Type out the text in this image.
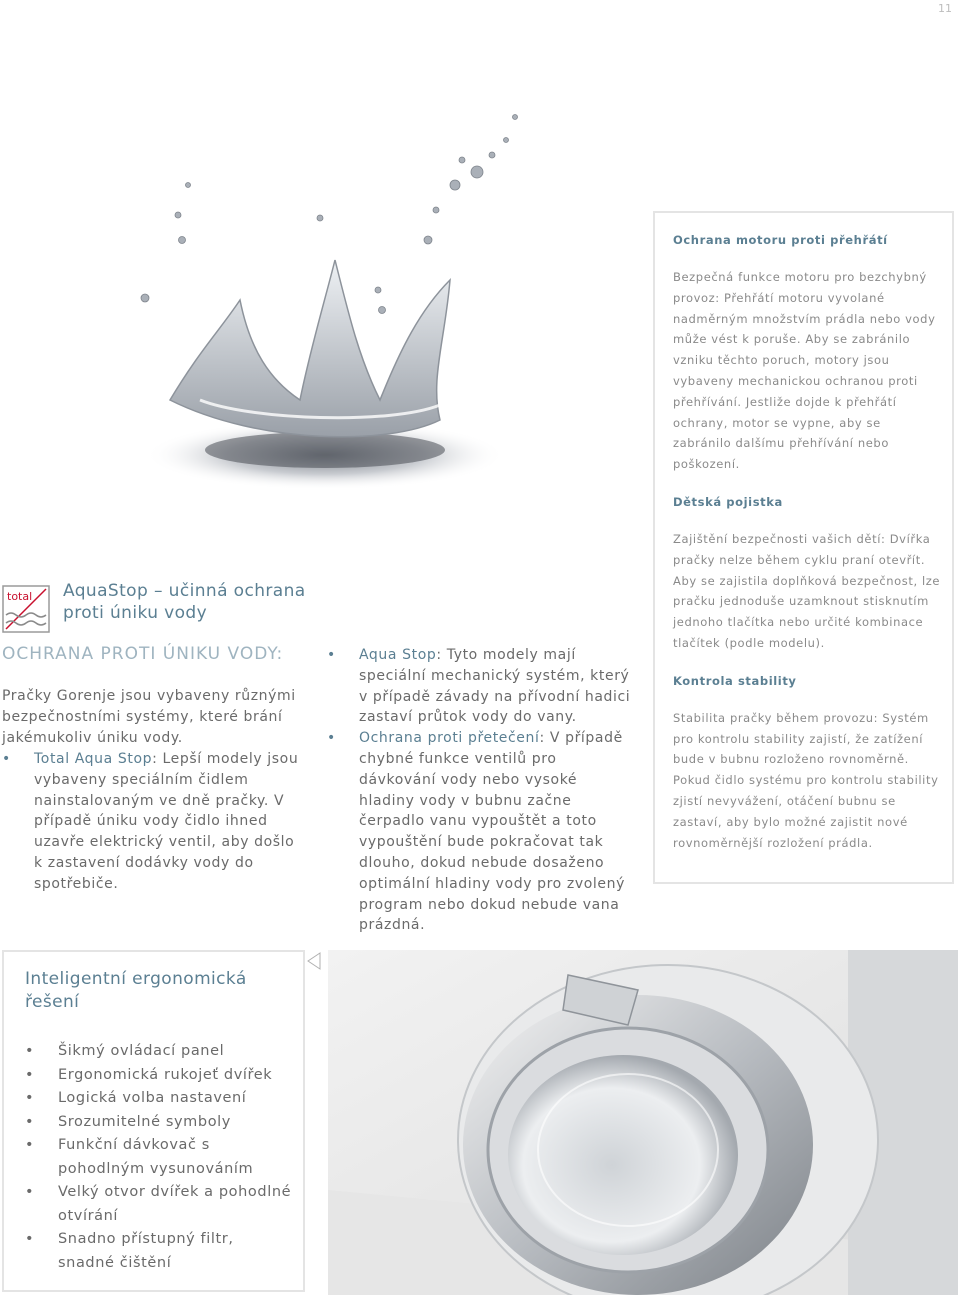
11

Ochrana motoru proti přehřátí

Bezpečná funkce motoru pro bezchybný provoz: Přehřátí motoru vyvolané nadměrným množstvím prádla nebo vody může vést k poruše. Aby se zabránilo vzniku těchto poruch, motory jsou vybaveny mechanickou ochranou proti přehřívání. Jestliže dojde k přehřátí ochrany, motor se vypne, aby se zabránilo dalšímu přehřívání nebo poškození.

Dětská pojistka

Zajištění bezpečnosti vašich dětí: Dvířka pračky nelze během cyklu praní otevřít. Aby se zajistila doplňková bezpečnost, lze pračku jednoduše uzamknout stisknutím jednoho tlačítka nebo určité kombinace tlačítek (podle modelu).

Kontrola stability

Stabilita pračky během provozu: Systém pro kontrolu stability zajistí, že zatížení bude v bubnu rozloženo rovnoměrně. Pokud čidlo systému pro kontrolu stability zjistí nevyvážení, otáčení bubnu se zastaví, aby bylo možné zajistit nové rovnoměrnější rozložení prádla.

total AquaStop – učinná ochrana proti úniku vody
OCHRANA PROTI ÚNIKU VODY:

Pračky Gorenje jsou vybaveny různými bezpečnostními systémy, které brání jakémukoliv úniku vody.

• Total Aqua Stop: Lepší modely jsou vybaveny speciálním čidlem nainstalovaným ve dně pračky. V případě úniku vody čidlo ihned uzavře elektrický ventil, aby došlo k zastavení dodávky vody do spotřebiče.
• Aqua Stop: Tyto modely mají speciální mechanický systém, který v případě závady na přívodní hadici zastaví průtok vody do vany.
• Ochrana proti přetečení: V případě chybné funkce ventilů pro dávkování vody nebo vysoké hladiny vody v bubnu začne čerpadlo vanu vypouštět a toto vypouštění bude pokračovat tak dlouho, dokud nebude dosaženo optimální hladiny vody pro zvolený program nebo dokud nebude vana prázdná.
Inteligentní ergonomická řešení
• Šikmý ovládací panel
• Ergonomická rukojeť dvířek
• Logická volba nastavení
• Srozumitelné symboly
• Funkční dávkovač s pohodlným vysunováním
• Velký otvor dvířek a pohodlné otvírání
• Snadno přístupný filtr, snadné čištění
